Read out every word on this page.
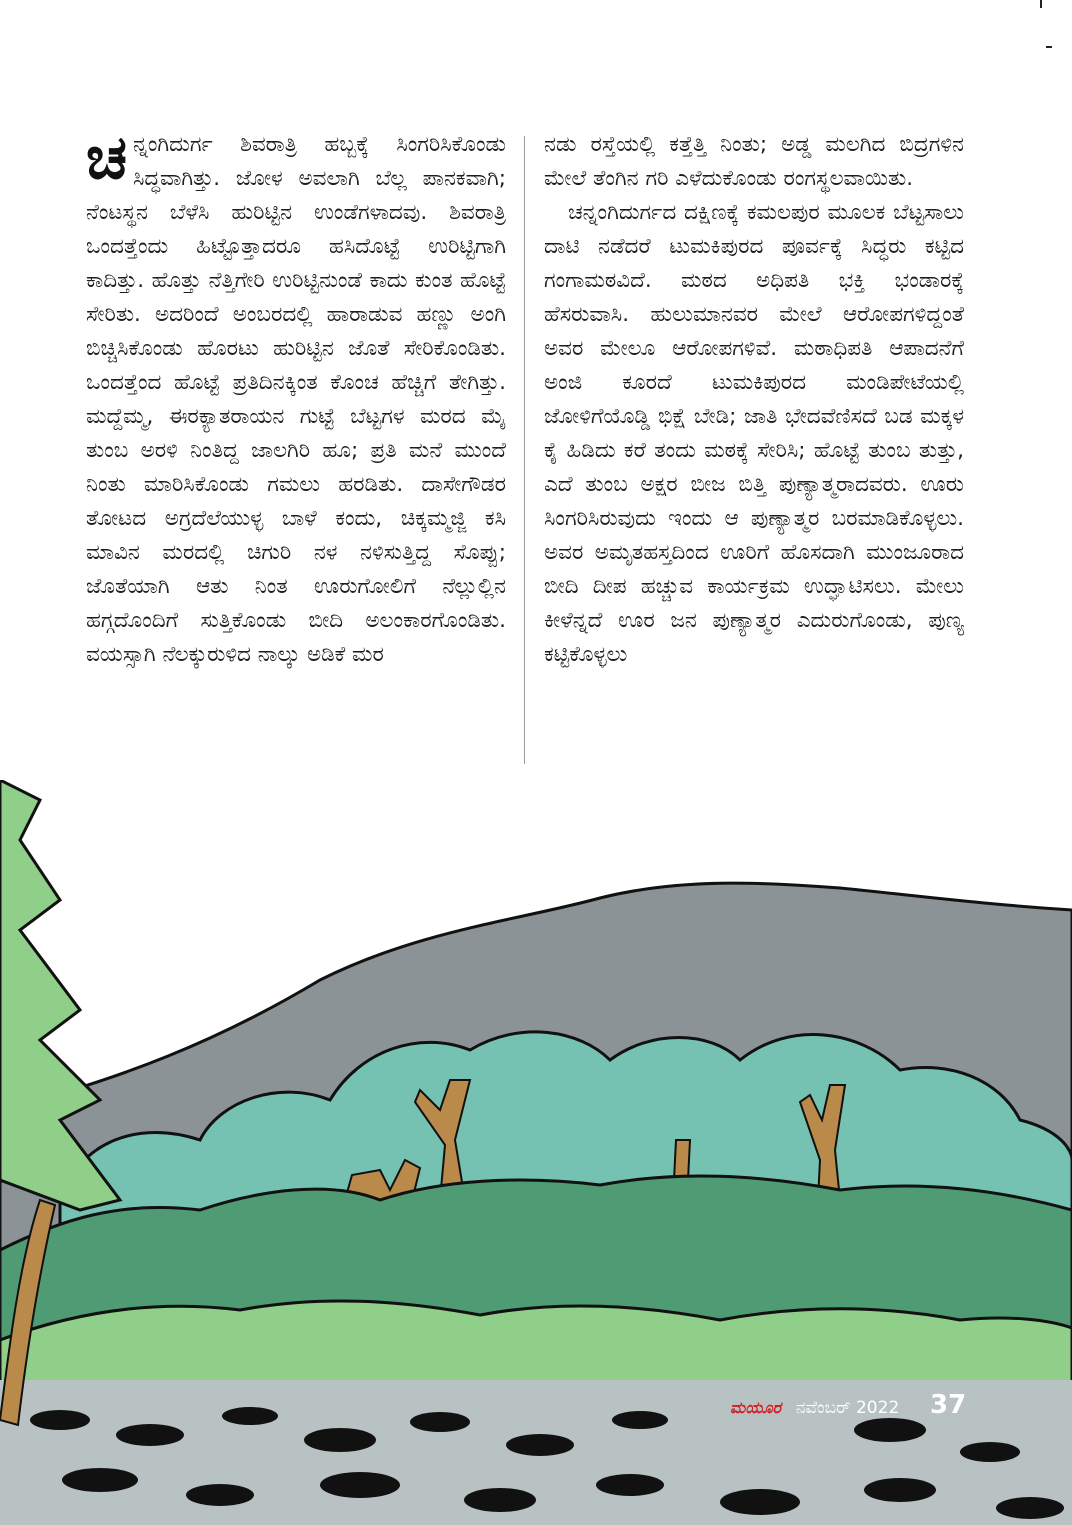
ಚನ್ನಂಗಿದುರ್ಗ ಶಿವರಾತ್ರಿ ಹಬ್ಬಕ್ಕೆ ಸಿಂಗರಿಸಿಕೊಂಡು ಸಿದ್ಧವಾಗಿತ್ತು. ಜೋಳ ಅವಲಾಗಿ ಬೆಲ್ಲ ಪಾನಕವಾಗಿ; ನೆಂಟಸ್ಥನ ಬೆಳೆಸಿ ಹುರಿಟ್ಟಿನ ಉಂಡೆಗಳಾದವು. ಶಿವರಾತ್ರಿ ಒಂದತ್ತೆಂದು ಹಿಟ್ಟೊತ್ತಾದರೂ ಹಸಿದೊಟ್ಟೆ ಉರಿಟ್ಟಿಗಾಗಿ ಕಾದಿತ್ತು. ಹೊತ್ತು ನೆತ್ತಿಗೇರಿ ಉರಿಟ್ಟಿನುಂಡೆ ಕಾದು ಕುಂತ ಹೊಟ್ಟೆ ಸೇರಿತು. ಅದರಿಂದೆ ಅಂಬರದಲ್ಲಿ ಹಾರಾಡುವ ಹಣ್ಣು ಅಂಗಿ ಬಿಚ್ಚಿಸಿಕೊಂಡು ಹೊರಟು ಹುರಿಟ್ಟಿನ ಜೊತೆ ಸೇರಿಕೊಂಡಿತು. ಒಂದತ್ತೆಂದ ಹೊಟ್ಟೆ ಪ್ರತಿದಿನಕ್ಕಿಂತ ಕೊಂಚ ಹೆಚ್ಚಿಗೆ ತೇಗಿತ್ತು. ಮದ್ದೆಮ್ಮ, ಈರಕ್ಯಾತರಾಯನ ಗುಟ್ಟೆ ಬೆಟ್ಟಗಳ ಮರದ ಮೈ ತುಂಬ ಅರಳಿ ನಿಂತಿದ್ದ ಜಾಲಗಿರಿ ಹೂ; ಪ್ರತಿ ಮನೆ ಮುಂದೆ ನಿಂತು ಮಾರಿಸಿಕೊಂಡು ಗಮಲು ಹರಡಿತು. ದಾಸೇಗೌಡರ ತೋಟದ ಅಗ್ರದೆಲೆಯುಳ್ಳ ಬಾಳೆ ಕಂದು, ಚಿಕ್ಕಮ್ಮಜ್ಜಿ ಕಸಿ ಮಾವಿನ ಮರದಲ್ಲಿ ಚಿಗುರಿ ನಳ ನಳಿಸುತ್ತಿದ್ದ ಸೊಪ್ಪು; ಜೊತೆಯಾಗಿ ಆತು ನಿಂತ ಊರುಗೋಲಿಗೆ ನೆಲ್ಲುಲ್ಲಿನ ಹಗ್ಗದೊಂದಿಗೆ ಸುತ್ತಿಕೊಂಡು ಬೀದಿ ಅಲಂಕಾರಗೊಂಡಿತು. ವಯಸ್ಸಾಗಿ ನೆಲಕ್ಕುರುಳಿದ ನಾಲ್ಕು ಅಡಿಕೆ ಮರ

ನಡು ರಸ್ತೆಯಲ್ಲಿ ಕತ್ತೆತ್ತಿ ನಿಂತು; ಅಡ್ಡ ಮಲಗಿದ ಬಿದ್ರಗಳಿನ ಮೇಲೆ ತೆಂಗಿನ ಗರಿ ಎಳೆದುಕೊಂಡು ರಂಗಸ್ಥಲವಾಯಿತು.

ಚನ್ನಂಗಿದುರ್ಗದ ದಕ್ಷಿಣಕ್ಕೆ ಕಮಲಪುರ ಮೂಲಕ ಬೆಟ್ಟಸಾಲು ದಾಟಿ ನಡೆದರೆ ಟುಮಕಿಪುರದ ಪೂರ್ವಕ್ಕೆ ಸಿದ್ಧರು ಕಟ್ಟಿದ ಗಂಗಾಮಠವಿದೆ. ಮಠದ ಅಧಿಪತಿ ಭಕ್ತಿ ಭಂಡಾರಕ್ಕೆ ಹೆಸರುವಾಸಿ. ಹುಲುಮಾನವರ ಮೇಲೆ ಆರೋಪಗಳಿದ್ದಂತೆ ಅವರ ಮೇಲೂ ಆರೋಪಗಳಿವೆ. ಮಠಾಧಿಪತಿ ಆಪಾದನೆಗೆ ಅಂಜಿ ಕೂರದೆ ಟುಮಕಿಪುರದ ಮಂಡಿಪೇಟೆಯಲ್ಲಿ ಜೋಳಿಗೆಯೊಡ್ಡಿ ಭಿಕ್ಷೆ ಬೇಡಿ; ಜಾತಿ ಭೇದವೆಣಿಸದೆ ಬಡ ಮಕ್ಕಳ ಕೈ ಹಿಡಿದು ಕರೆ ತಂದು ಮಠಕ್ಕೆ ಸೇರಿಸಿ; ಹೊಟ್ಟೆ ತುಂಬ ತುತ್ತು, ಎದೆ ತುಂಬ ಅಕ್ಷರ ಬೀಜ ಬಿತ್ತಿ ಪುಣ್ಯಾತ್ಮರಾದವರು. ಊರು ಸಿಂಗರಿಸಿರುವುದು ಇಂದು ಆ ಪುಣ್ಯಾತ್ಮರ ಬರಮಾಡಿಕೊಳ್ಳಲು. ಅವರ ಅಮೃತಹಸ್ತದಿಂದ ಊರಿಗೆ ಹೊಸದಾಗಿ ಮುಂಜೂರಾದ ಬೀದಿ ದೀಪ ಹಚ್ಚುವ ಕಾರ್ಯಕ್ರಮ ಉದ್ಘಾಟಿಸಲು. ಮೇಲು ಕೀಳೆನ್ನದೆ ಊರ ಜನ ಪುಣ್ಯಾತ್ಮರ ಎದುರುಗೊಂಡು, ಪುಣ್ಯ ಕಟ್ಟಿಕೊಳ್ಳಲು

ಮಯೂರ ನವೆಂಬರ್ 2022 37
